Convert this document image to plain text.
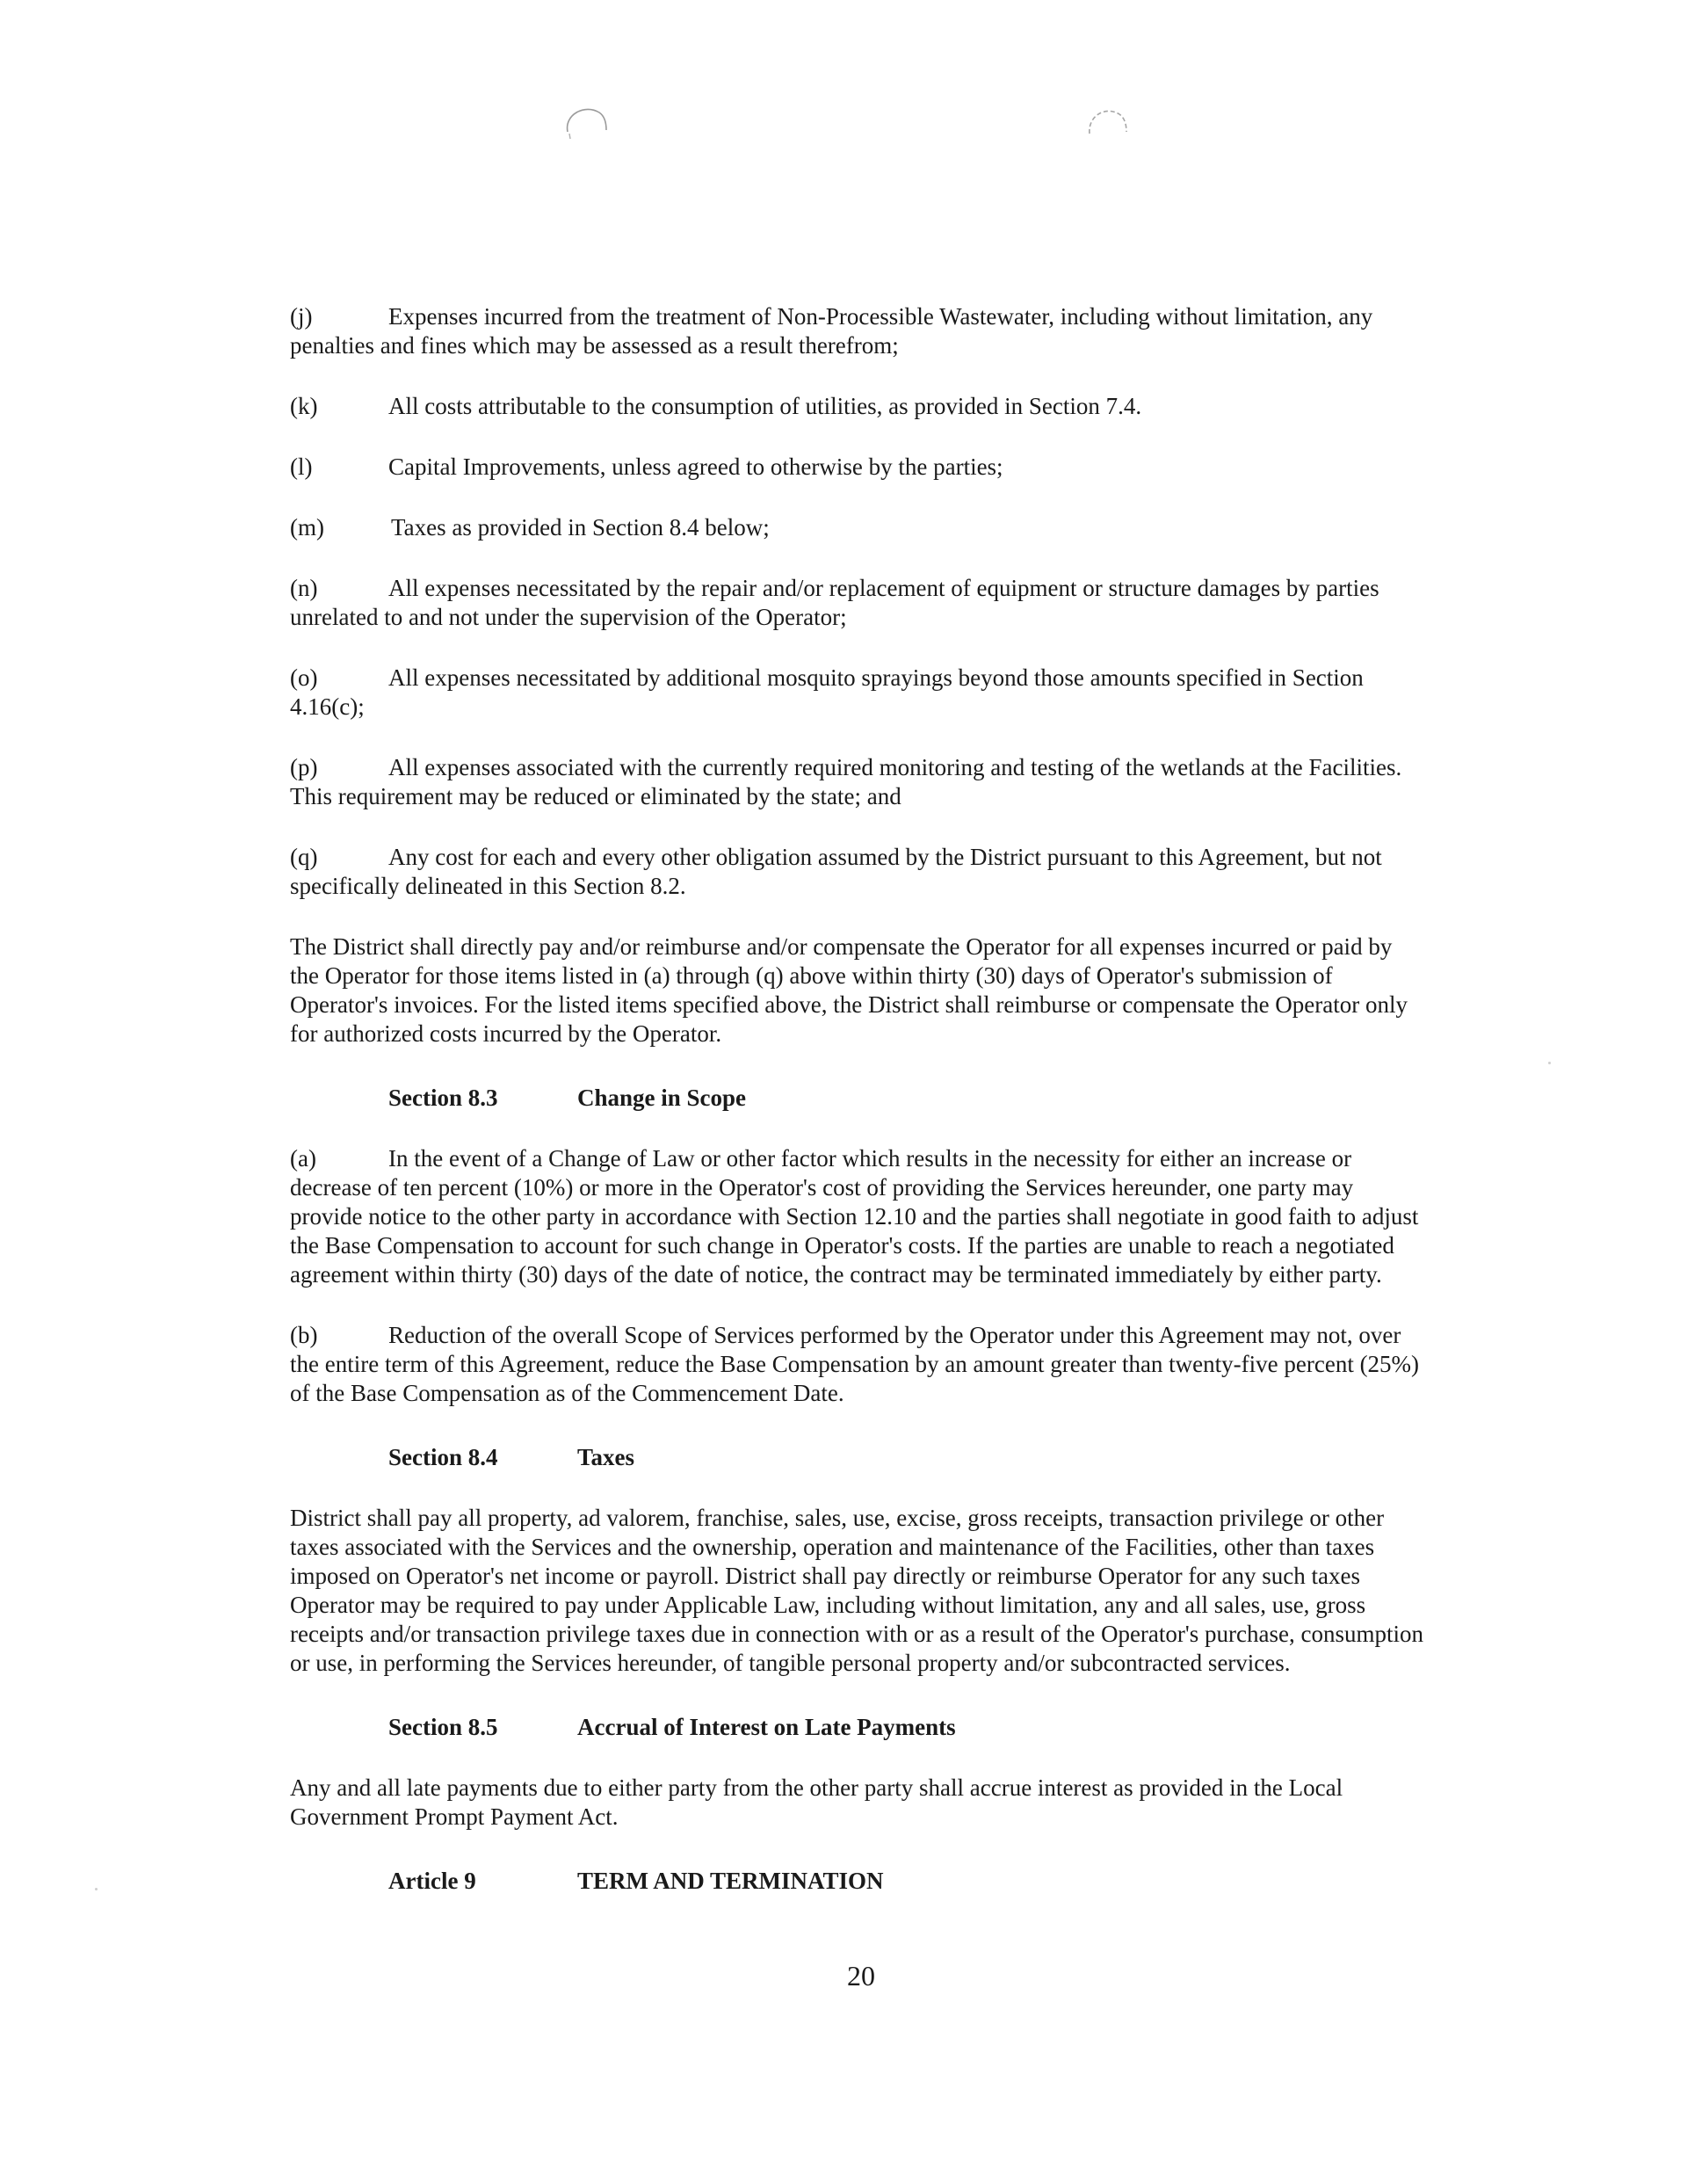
(j)	Expenses incurred from the treatment of Non-Processible Wastewater, including without limitation, any penalties and fines which may be assessed as a result therefrom;

(k)	All costs attributable to the consumption of utilities, as provided in Section 7.4.

(l)	Capital Improvements, unless agreed to otherwise by the parties;

(m)	Taxes as provided in Section 8.4 below;

(n)	All expenses necessitated by the repair and/or replacement of equipment or structure damages by parties unrelated to and not under the supervision of the Operator;

(o)	All expenses necessitated by additional mosquito sprayings beyond those amounts specified in Section 4.16(c);

(p)	All expenses associated with the currently required monitoring and testing of the wetlands at the Facilities. This requirement may be reduced or eliminated by the state; and

(q)	Any cost for each and every other obligation assumed by the District pursuant to this Agreement, but not specifically delineated in this Section 8.2.

The District shall directly pay and/or reimburse and/or compensate the Operator for all expenses incurred or paid by the Operator for those items listed in (a) through (q) above within thirty (30) days of Operator's submission of Operator's invoices. For the listed items specified above, the District shall reimburse or compensate the Operator only for authorized costs incurred by the Operator.

Section 8.3	Change in Scope

(a)	In the event of a Change of Law or other factor which results in the necessity for either an increase or decrease of ten percent (10%) or more in the Operator's cost of providing the Services hereunder, one party may provide notice to the other party in accordance with Section 12.10 and the parties shall negotiate in good faith to adjust the Base Compensation to account for such change in Operator's costs. If the parties are unable to reach a negotiated agreement within thirty (30) days of the date of notice, the contract may be terminated immediately by either party.

(b)	Reduction of the overall Scope of Services performed by the Operator under this Agreement may not, over the entire term of this Agreement, reduce the Base Compensation by an amount greater than twenty-five percent (25%) of the Base Compensation as of the Commencement Date.

Section 8.4	Taxes

District shall pay all property, ad valorem, franchise, sales, use, excise, gross receipts, transaction privilege or other taxes associated with the Services and the ownership, operation and maintenance of the Facilities, other than taxes imposed on Operator's net income or payroll. District shall pay directly or reimburse Operator for any such taxes Operator may be required to pay under Applicable Law, including without limitation, any and all sales, use, gross receipts and/or transaction privilege taxes due in connection with or as a result of the Operator's purchase, consumption or use, in performing the Services hereunder, of tangible personal property and/or subcontracted services.

Section 8.5	Accrual of Interest on Late Payments

Any and all late payments due to either party from the other party shall accrue interest as provided in the Local Government Prompt Payment Act.

Article 9	TERM AND TERMINATION
20
